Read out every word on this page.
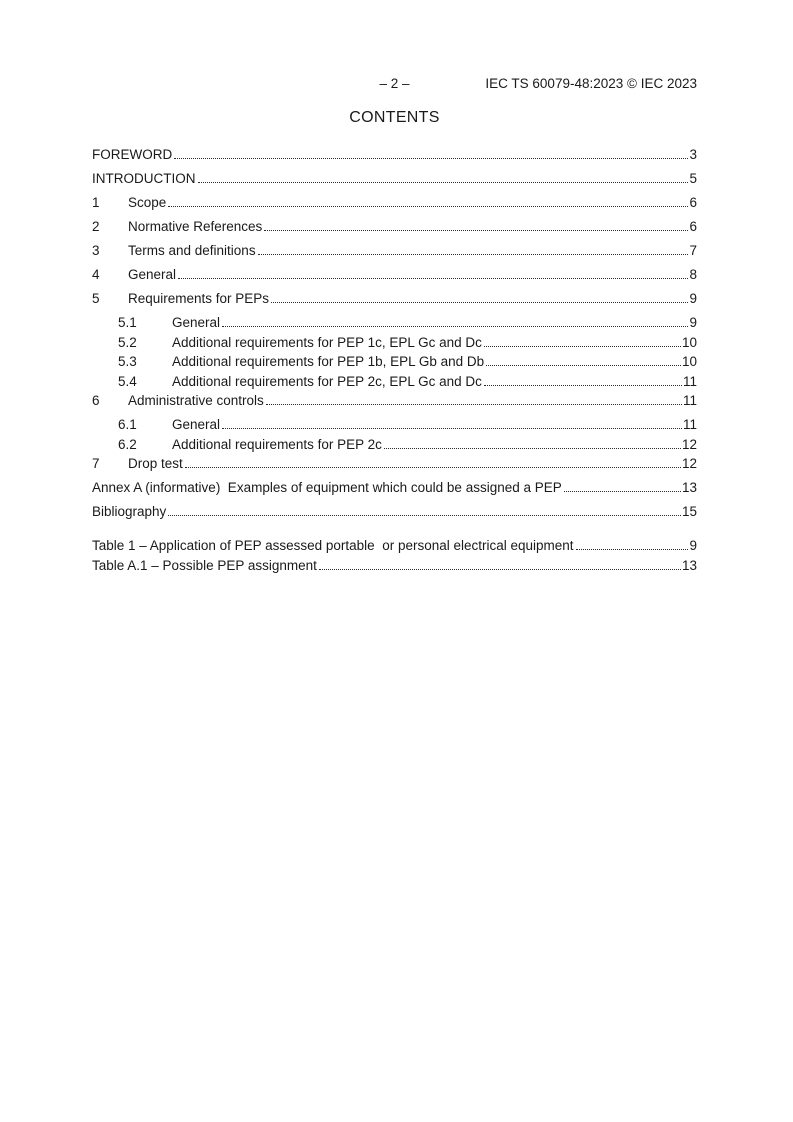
– 2 –	IEC TS 60079-48:2023 © IEC 2023
CONTENTS
FOREWORD	3
INTRODUCTION	5
1	Scope	6
2	Normative References	6
3	Terms and definitions	7
4	General	8
5	Requirements for PEPs	9
5.1	General	9
5.2	Additional requirements for PEP 1c, EPL Gc and Dc	10
5.3	Additional requirements for PEP 1b, EPL Gb and Db	10
5.4	Additional requirements for PEP 2c, EPL Gc and Dc	11
6	Administrative controls	11
6.1	General	11
6.2	Additional requirements for PEP 2c	12
7	Drop test	12
Annex A (informative)  Examples of equipment which could be assigned a PEP	13
Bibliography	15
Table 1 – Application of PEP assessed portable  or personal electrical equipment	9
Table A.1 – Possible PEP assignment	13
